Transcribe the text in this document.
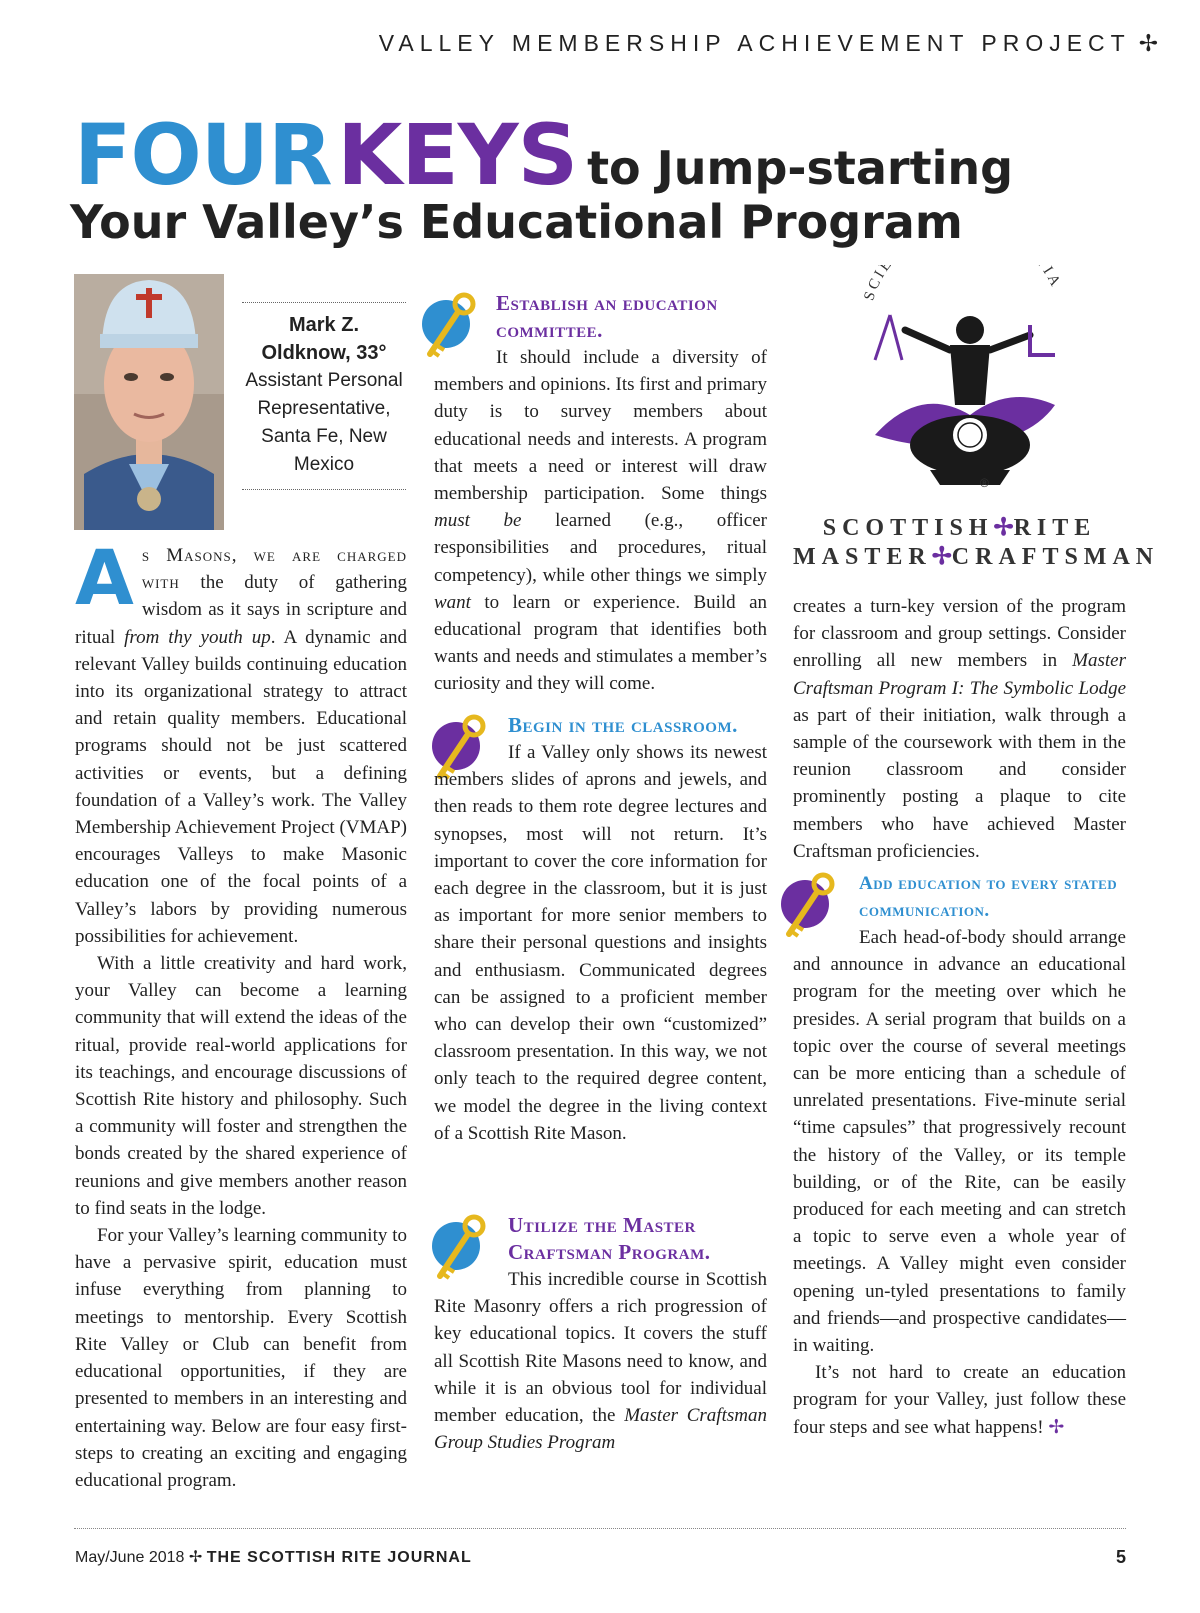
VALLEY MEMBERSHIP ACHIEVEMENT PROJECT ✢
FOUR KEYS to Jump-starting
Your Valley’s Educational Program
Mark Z.
Oldknow, 33°
Assistant Personal Representative, Santa Fe, New Mexico

As Masons, we are charged with the duty of gathering wisdom as it says in scripture and ritual from thy youth up. A dynamic and relevant Valley builds continuing education into its organizational strategy to attract and retain quality members. Educational programs should not be just scattered activities or events, but a defining foundation of a Valley’s work. The Valley Membership Achievement Project (VMAP) encourages Valleys to make Masonic education one of the focal points of a Valley’s labors by providing numerous possibilities for achievement.

With a little creativity and hard work, your Valley can become a learning community that will extend the ideas of the ritual, provide real-world applications for its teachings, and encourage discussions of Scottish Rite history and philosophy. Such a community will foster and strengthen the bonds created by the shared experience of reunions and give members another reason to find seats in the lodge.

For your Valley’s learning community to have a pervasive spirit, education must infuse everything from planning to meetings to mentorship. Every Scottish Rite Valley or Club can benefit from educational opportunities, if they are presented to members in an interesting and entertaining way. Below are four easy first-steps to creating an exciting and engaging educational program.

Establish an education committee.

It should include a diversity of members and opinions. Its first and primary duty is to survey members about educational needs and interests. A program that meets a need or interest will draw membership participation. Some things must be learned (e.g., officer responsibilities and procedures, ritual competency), while other things we simply want to learn or experience. Build an educational program that identifies both wants and needs and stimulates a member’s curiosity and they will come.

Begin in the classroom.

If a Valley only shows its newest members slides of aprons and jewels, and then reads to them rote degree lectures and synopses, most will not return. It’s important to cover the core information for each degree in the classroom, but it is just as important for more senior members to share their personal questions and insights and enthusiasm. Communicated degrees can be assigned to a proficient member who can develop their own “customized” classroom presentation. In this way, we not only teach to the required degree content, we model the degree in the living context of a Scottish Rite Mason.

Utilize the Master Craftsman Program.

This incredible course in Scottish Rite Masonry offers a rich progression of key educational topics. It covers the stuff all Scottish Rite Masons need to know, and while it is an obvious tool for individual member education, the Master Craftsman Group Studies Program

SCI IA
®
SCOTTISH✢RITE
MASTER✢CRAFTSMAN

creates a turn-key version of the program for classroom and group settings. Consider enrolling all new members in Master Craftsman Program I: The Symbolic Lodge as part of their initiation, walk through a sample of the coursework with them in the reunion classroom and consider prominently posting a plaque to cite members who have achieved Master Craftsman proficiencies.

Add education to every stated communication.

Each head-of-body should arrange and announce in advance an educational program for the meeting over which he presides. A serial program that builds on a topic over the course of several meetings can be more enticing than a schedule of unrelated presentations. Five-minute serial “time capsules” that progressively recount the history of the Valley, or its temple building, or of the Rite, can be easily produced for each meeting and can stretch a topic to serve even a whole year of meetings. A Valley might even consider opening un-tyled presentations to family and friends—and prospective candidates—in waiting.

It’s not hard to create an education program for your Valley, just follow these four steps and see what happens! ✢

May/June 2018 ✢ THE SCOTTISH RITE JOURNAL	5
